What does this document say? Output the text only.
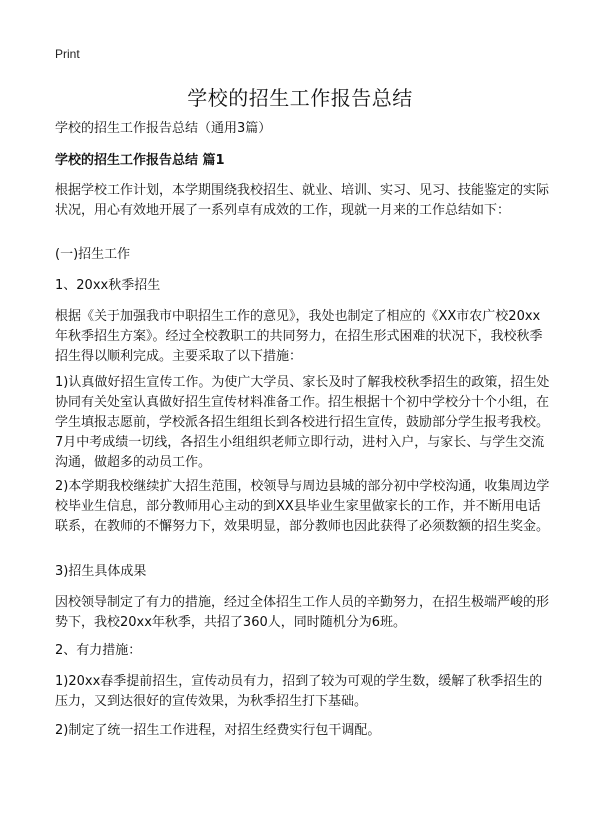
Print
学校的招生工作报告总结

学校的招生工作报告总结（通用3篇）

学校的招生工作报告总结 篇1

根据学校工作计划，本学期围绕我校招生、就业、培训、实习、见习、技能鉴定的实际状况，用心有效地开展了一系列卓有成效的工作，现就一月来的工作总结如下：

(一)招生工作

1、20xx秋季招生

根据《关于加强我市中职招生工作的意见》，我处也制定了相应的《XX市农广校20xx年秋季招生方案》。经过全校教职工的共同努力，在招生形式困难的状况下，我校秋季招生得以顺利完成。主要采取了以下措施：

1)认真做好招生宣传工作。为使广大学员、家长及时了解我校秋季招生的政策，招生处协同有关处室认真做好招生宣传材料准备工作。招生根据十个初中学校分十个小组，在学生填报志愿前，学校派各招生组组长到各校进行招生宣传，鼓励部分学生报考我校。7月中考成绩一切线，各招生小组组织老师立即行动，进村入户，与家长、与学生交流沟通，做超多的动员工作。

2)本学期我校继续扩大招生范围，校领导与周边县城的部分初中学校沟通，收集周边学校毕业生信息，部分教师用心主动的到XX县毕业生家里做家长的工作，并不断用电话联系，在教师的不懈努力下，效果明显，部分教师也因此获得了必须数额的招生奖金。

3)招生具体成果

因校领导制定了有力的措施，经过全体招生工作人员的辛勤努力，在招生极端严峻的形势下，我校20xx年秋季，共招了360人，同时随机分为6班。

2、有力措施：

1)20xx春季提前招生，宣传动员有力，招到了较为可观的学生数，缓解了秋季招生的压力，又到达很好的宣传效果，为秋季招生打下基础。

2)制定了统一招生工作进程，对招生经费实行包干调配。
